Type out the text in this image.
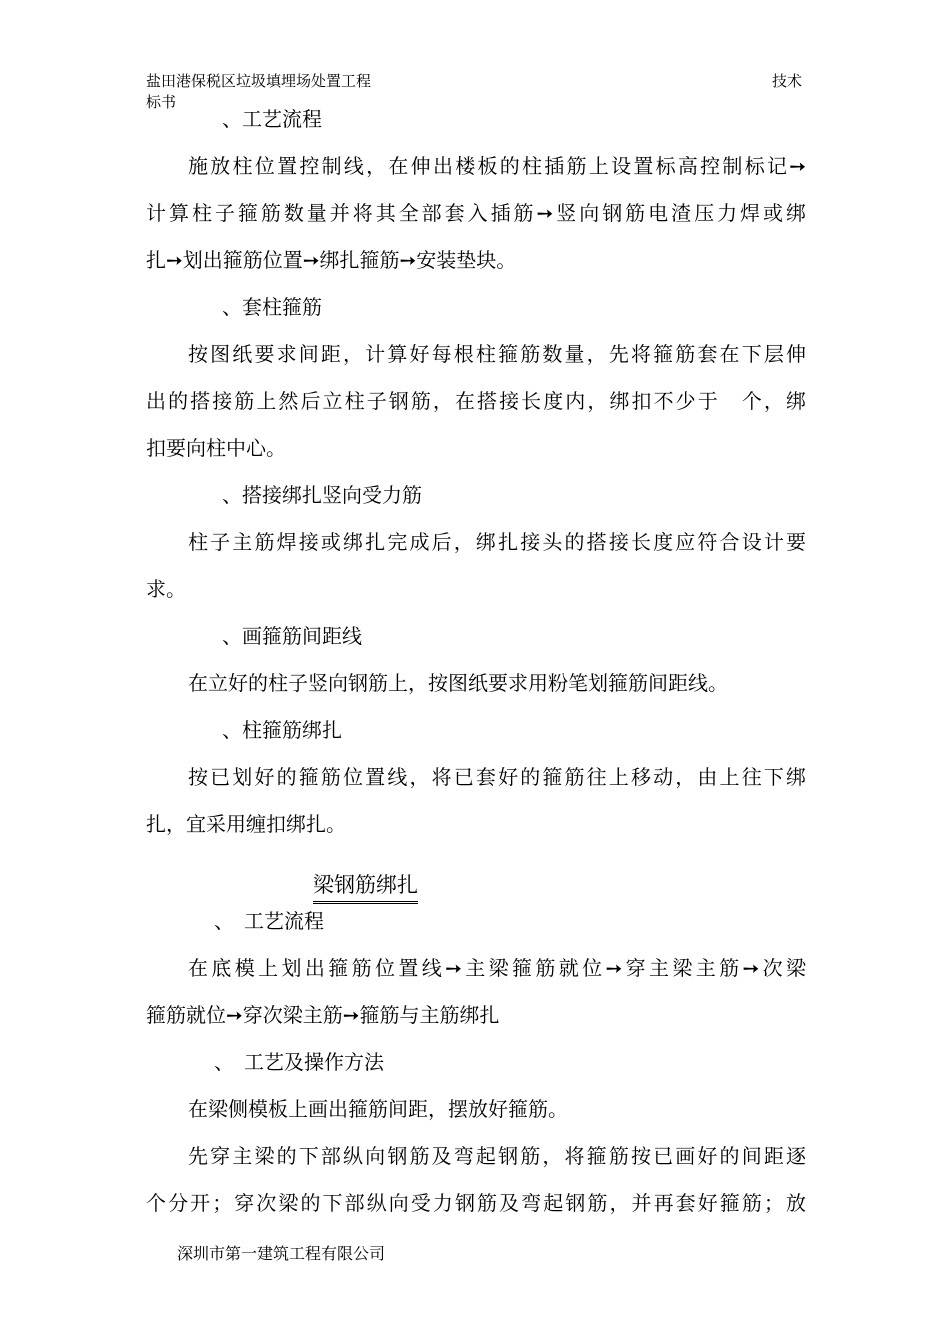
盐田港保税区垃圾填埋场处置工程
标书
技术
、工艺流程
施放柱位置控制线，在伸出楼板的柱插筋上设置标高控制标记➙
计算柱子箍筋数量并将其全部套入插筋➙竖向钢筋电渣压力焊或绑
扎➙划出箍筋位置➙绑扎箍筋➙安装垫块。
、套柱箍筋
按图纸要求间距，计算好每根柱箍筋数量，先将箍筋套在下层伸
出的搭接筋上然后立柱子钢筋，在搭接长度内，绑扣不少于　个，绑
扣要向柱中心。
、搭接绑扎竖向受力筋
柱子主筋焊接或绑扎完成后，绑扎接头的搭接长度应符合设计要
求。
、画箍筋间距线
在立好的柱子竖向钢筋上，按图纸要求用粉笔划箍筋间距线。
、柱箍筋绑扎
按已划好的箍筋位置线，将已套好的箍筋往上移动，由上往下绑
扎，宜采用缠扣绑扎。
梁钢筋绑扎
、　工艺流程
在底模上划出箍筋位置线➙主梁箍筋就位➙穿主梁主筋➙次梁
箍筋就位➙穿次梁主筋➙箍筋与主筋绑扎
、　工艺及操作方法
在梁侧模板上画出箍筋间距，摆放好箍筋。
先穿主梁的下部纵向钢筋及弯起钢筋，将箍筋按已画好的间距逐
个分开；穿次梁的下部纵向受力钢筋及弯起钢筋，并再套好箍筋；放
深圳市第一建筑工程有限公司
